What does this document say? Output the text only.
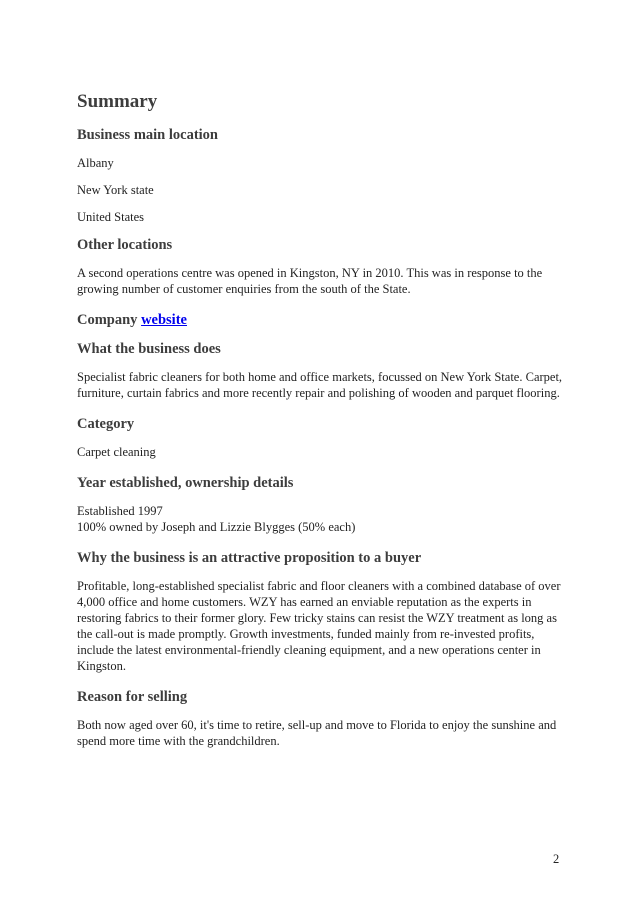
Summary
Business main location

Albany

New York state

United States

Other locations

A second operations centre was opened in Kingston, NY in 2010. This was in response to the growing number of customer enquiries from the south of the State.

Company website
What the business does

Specialist fabric cleaners for both home and office markets, focussed on New York State. Carpet, furniture, curtain fabrics and more recently repair and polishing of wooden and parquet flooring.

Category

Carpet cleaning

Year established, ownership details

Established 1997
100% owned by Joseph and Lizzie Blygges (50% each)

Why the business is an attractive proposition to a buyer

Profitable, long-established specialist fabric and floor cleaners with a combined database of over 4,000 office and home customers. WZY has earned an enviable reputation as the experts in restoring fabrics to their former glory. Few tricky stains can resist the WZY treatment as long as the call-out is made promptly. Growth investments, funded mainly from re-invested profits, include the latest environmental-friendly cleaning equipment, and a new operations center in Kingston.

Reason for selling

Both now aged over 60, it's time to retire, sell-up and move to Florida to enjoy the sunshine and spend more time with the grandchildren.

2
